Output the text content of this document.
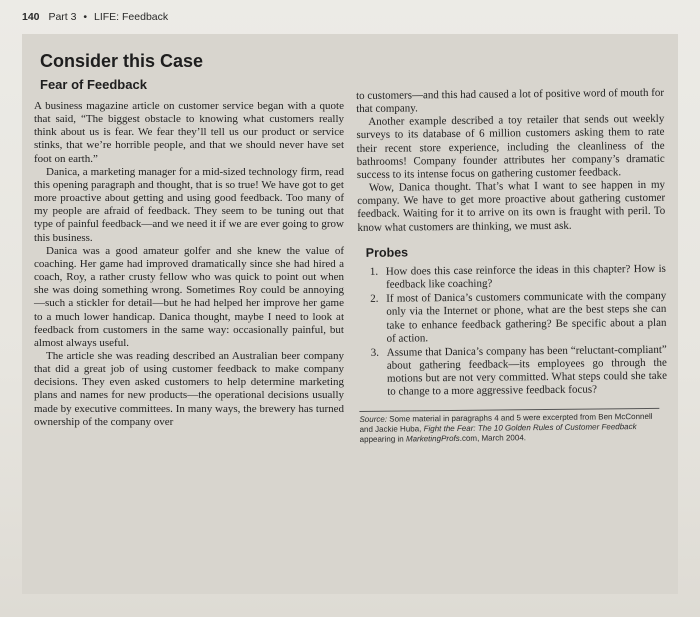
140 Part 3 • LIFE: Feedback
Consider this Case
Fear of Feedback

A business magazine article on customer service began with a quote that said, “The biggest obstacle to knowing what customers really think about us is fear. We fear they’ll tell us our product or service stinks, that we’re horrible people, and that we should never have set foot on earth.”

Danica, a marketing manager for a mid-sized technology firm, read this opening paragraph and thought, that is so true! We have got to get more proactive about getting and using good feedback. Too many of my people are afraid of feedback. They seem to be tuning out that type of painful feedback—and we need it if we are ever going to grow this business.

Danica was a good amateur golfer and she knew the value of coaching. Her game had improved dramatically since she had hired a coach, Roy, a rather crusty fellow who was quick to point out when she was doing something wrong. Sometimes Roy could be annoying—such a stickler for detail—but he had helped her improve her game to a much lower handicap. Danica thought, maybe I need to look at feedback from customers in the same way: occasionally painful, but almost always useful.

The article she was reading described an Australian beer company that did a great job of using customer feedback to make company decisions. They even asked customers to help determine marketing plans and names for new products—the operational decisions usually made by executive committees. In many ways, the brewery has turned ownership of the company over

to customers—and this had caused a lot of positive word of mouth for that company.

Another example described a toy retailer that sends out weekly surveys to its database of 6 million customers asking them to rate their recent store experience, including the cleanliness of the bathrooms! Company founder attributes her company’s dramatic success to its intense focus on gathering customer feedback.

Wow, Danica thought. That’s what I want to see happen in my company. We have to get more proactive about gathering customer feedback. Waiting for it to arrive on its own is fraught with peril. To know what customers are thinking, we must ask.

Probes
1. How does this case reinforce the ideas in this chapter? How is feedback like coaching?
2. If most of Danica’s customers communicate with the company only via the Internet or phone, what are the best steps she can take to enhance feedback gathering? Be specific about a plan of action.
3. Assume that Danica’s company has been “reluctant-compliant” about gathering feedback—its employees go through the motions but are not very committed. What steps could she take to change to a more aggressive feedback focus?
Source: Some material in paragraphs 4 and 5 were excerpted from Ben McConnell and Jackie Huba, Fight the Fear: The 10 Golden Rules of Customer Feedback appearing in MarketingProfs.com, March 2004.
